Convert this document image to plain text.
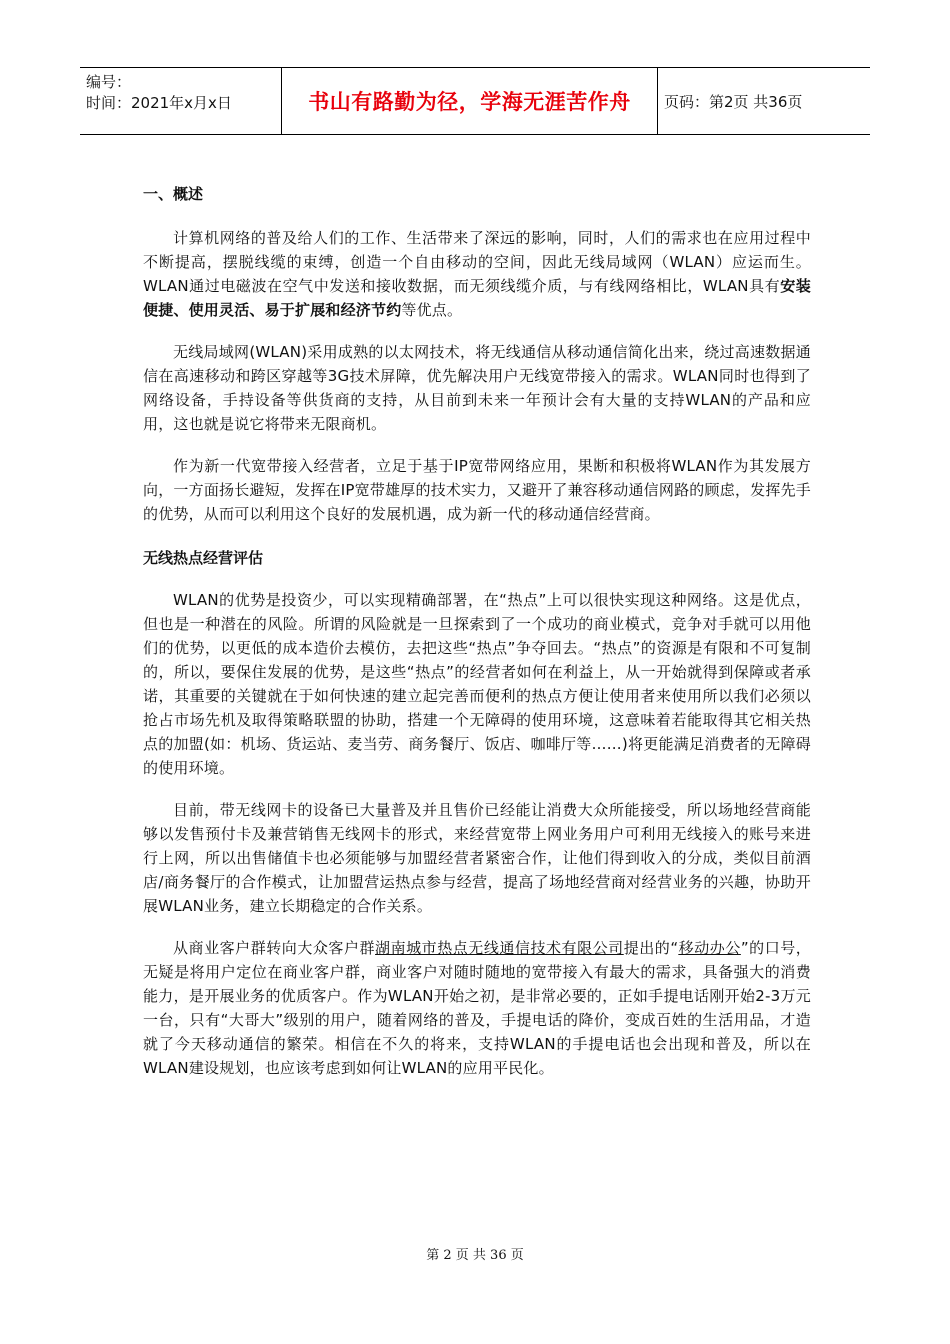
编号：
时间：2021年x月x日	书山有路勤为径，学海无涯苦作舟	页码：第2页 共36页
一、概述

计算机网络的普及给人们的工作、生活带来了深远的影响，同时，人们的需求也在应用过程中不断提高，摆脱线缆的束缚，创造一个自由移动的空间，因此无线局域网（WLAN）应运而生。WLAN通过电磁波在空气中发送和接收数据，而无须线缆介质，与有线网络相比，WLAN具有安装便捷、使用灵活、易于扩展和经济节约等优点。

无线局域网(WLAN)采用成熟的以太网技术，将无线通信从移动通信简化出来，绕过高速数据通信在高速移动和跨区穿越等3G技术屏障，优先解决用户无线宽带接入的需求。WLAN同时也得到了网络设备，手持设备等供货商的支持，从目前到未来一年预计会有大量的支持WLAN的产品和应用，这也就是说它将带来无限商机。

作为新一代宽带接入经营者，立足于基于IP宽带网络应用，果断和积极将WLAN作为其发展方向，一方面扬长避短，发挥在IP宽带雄厚的技术实力，又避开了兼容移动通信网路的顾虑，发挥先手的优势，从而可以利用这个良好的发展机遇，成为新一代的移动通信经营商。

无线热点经营评估

WLAN的优势是投资少，可以实现精确部署，在“热点”上可以很快实现这种网络。这是优点，但也是一种潜在的风险。所谓的风险就是一旦探索到了一个成功的商业模式，竞争对手就可以用他们的优势，以更低的成本造价去模仿，去把这些“热点”争夺回去。“热点”的资源是有限和不可复制的，所以，要保住发展的优势，是这些“热点”的经营者如何在利益上，从一开始就得到保障或者承诺，其重要的关键就在于如何快速的建立起完善而便利的热点方便让使用者来使用所以我们必须以抢占市场先机及取得策略联盟的协助，搭建一个无障碍的使用环境，这意味着若能取得其它相关热点的加盟(如：机场、货运站、麦当劳、商务餐厅、饭店、咖啡厅等……)将更能满足消费者的无障碍的使用环境。

目前，带无线网卡的设备已大量普及并且售价已经能让消费大众所能接受，所以场地经营商能够以发售预付卡及兼营销售无线网卡的形式，来经营宽带上网业务用户可利用无线接入的账号来进行上网，所以出售储值卡也必须能够与加盟经营者紧密合作，让他们得到收入的分成，类似目前酒店/商务餐厅的合作模式，让加盟营运热点参与经营，提高了场地经营商对经营业务的兴趣，协助开展WLAN业务，建立长期稳定的合作关系。

从商业客户群转向大众客户群湖南城市热点无线通信技术有限公司提出的“移动办公”的口号，无疑是将用户定位在商业客户群，商业客户对随时随地的宽带接入有最大的需求，具备强大的消费能力，是开展业务的优质客户。作为WLAN开始之初，是非常必要的，正如手提电话刚开始2-3万元一台，只有“大哥大”级别的用户，随着网络的普及，手提电话的降价，变成百姓的生活用品，才造就了今天移动通信的繁荣。相信在不久的将来，支持WLAN的手提电话也会出现和普及，所以在WLAN建设规划，也应该考虑到如何让WLAN的应用平民化。

第 2 页 共 36 页
